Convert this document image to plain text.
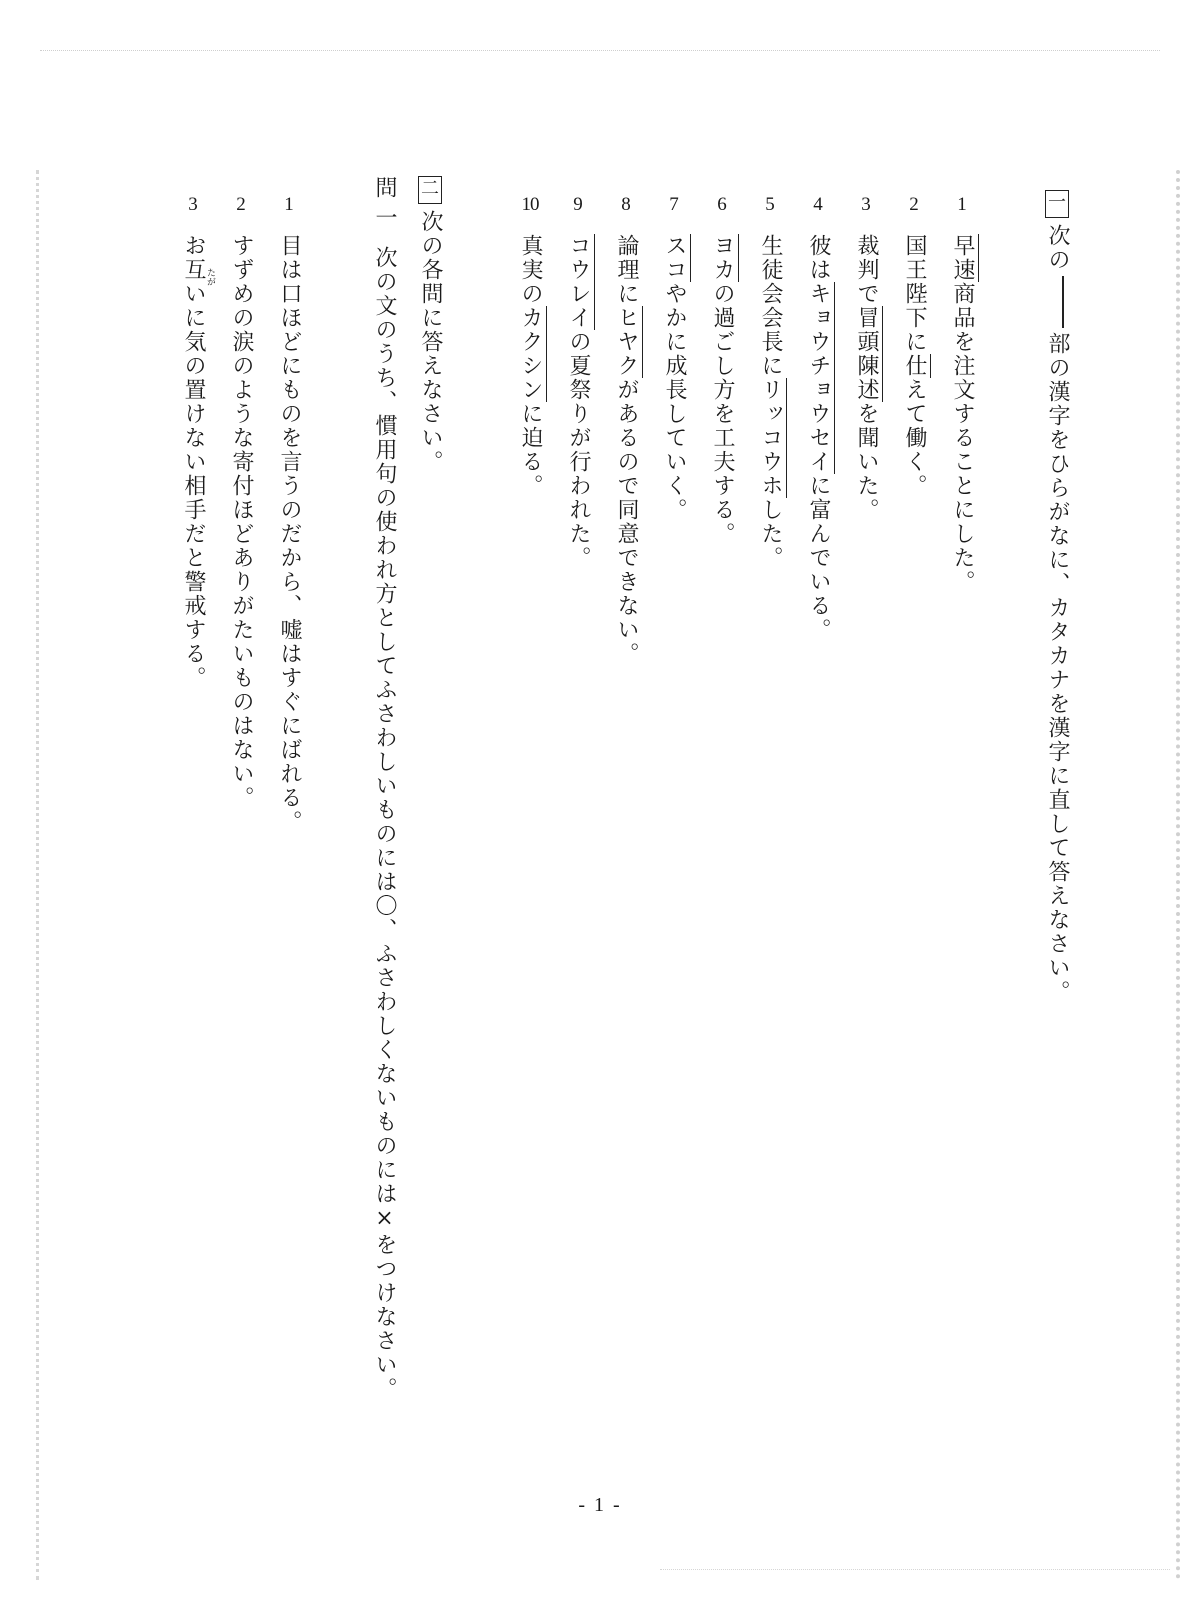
一
次の部の漢字をひらがなに、カタカナを漢字に直して答えなさい。
1
早速商品を注文することにした。
2
国王陛下に仕えて働く。
3
裁判で冒頭陳述を聞いた。
4
彼はキョウチョウセイに富んでいる。
5
生徒会会長にリッコウホした。
6
ヨカの過ごし方を工夫する。
7
スコやかに成長していく。
8
論理にヒヤクがあるので同意できない。
9
コウレイの夏祭りが行われた。
10
真実のカクシンに迫る。
二
次の各問に答えなさい。
問一
次の文のうち、慣用句の使われ方としてふさわしいものには〇、ふさわしくないものには×をつけなさい。
1
目は口ほどにものを言うのだから、嘘はすぐにばれる。
2
すずめの涙のような寄付ほどありがたいものはない。
3
お互いに気の置けない相手だと警戒する。 たが
- 1 -
